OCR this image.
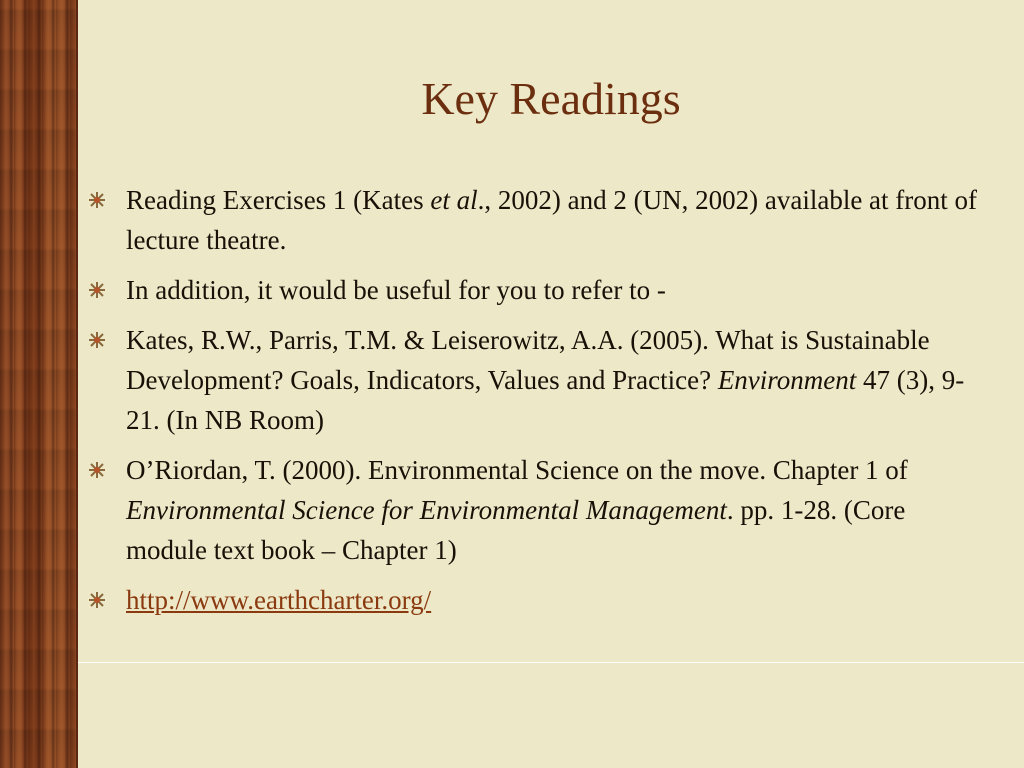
Key Readings
Reading Exercises 1 (Kates et al., 2002) and 2 (UN, 2002) available at front of lecture theatre.
In addition, it would be useful for you to refer to -
Kates, R.W., Parris, T.M. & Leiserowitz, A.A. (2005). What is Sustainable Development? Goals, Indicators, Values and Practice? Environment 47 (3), 9-21. (In NB Room)
O’Riordan, T. (2000). Environmental Science on the move. Chapter 1 of Environmental Science for Environmental Management. pp. 1-28. (Core module text book – Chapter 1)
http://www.earthcharter.org/
